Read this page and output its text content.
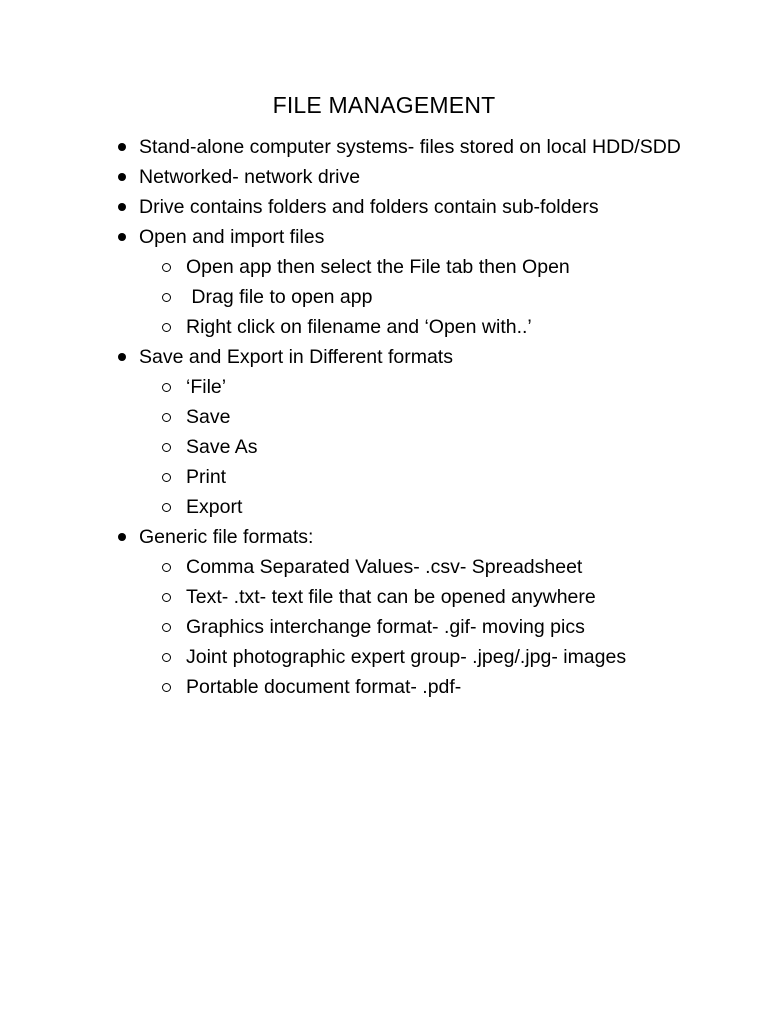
FILE MANAGEMENT
Stand-alone computer systems- files stored on local HDD/SDD
Networked- network drive
Drive contains folders and folders contain sub-folders
Open and import files
Open app then select the File tab then Open
Drag file to open app
Right click on filename and ‘Open with..’
Save and Export in Different formats
‘File’
Save
Save As
Print
Export
Generic file formats:
Comma Separated Values- .csv- Spreadsheet
Text- .txt- text file that can be opened anywhere
Graphics interchange format- .gif- moving pics
Joint photographic expert group- .jpeg/.jpg- images
Portable document format- .pdf-
